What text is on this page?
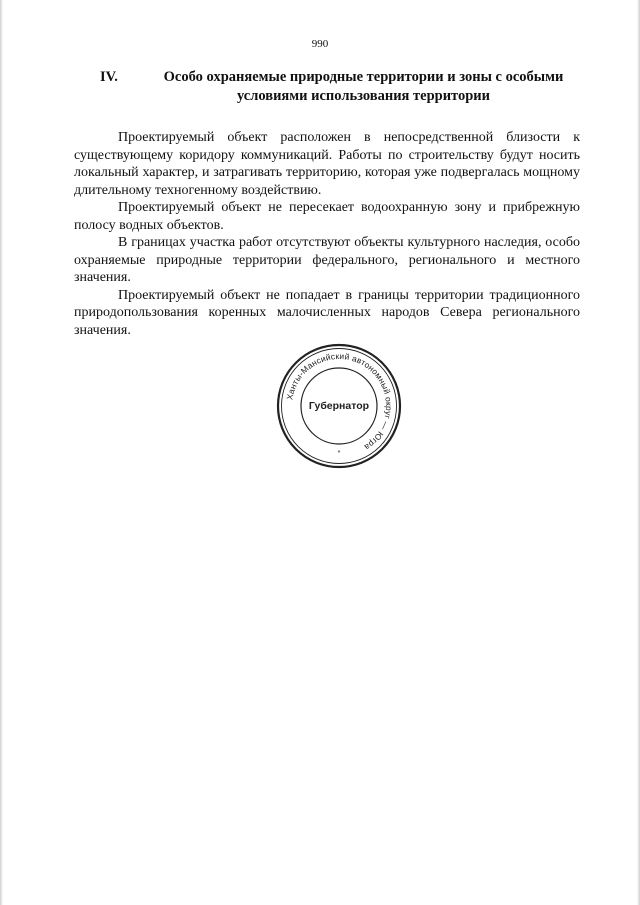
990
IV.	Особо охраняемые природные территории и зоны с особыми
условиями использования территории

Проектируемый объект расположен в непосредственной близости к существующему коридору коммуникаций. Работы по строительству будут носить локальный характер, и затрагивать территорию, которая уже подвергалась мощному длительному техногенному воздействию.

Проектируемый объект не пересекает водоохранную зону и прибрежную полосу водных объектов.

В границах участка работ отсутствуют объекты культурного наследия, особо охраняемые природные территории федерального, регионального и местного значения.

Проектируемый объект не попадает в границы территории традиционного природопользования коренных малочисленных народов Севера регионального значения.

Ханты-Мансийский автономный округ — Югра
Губернатор
*
